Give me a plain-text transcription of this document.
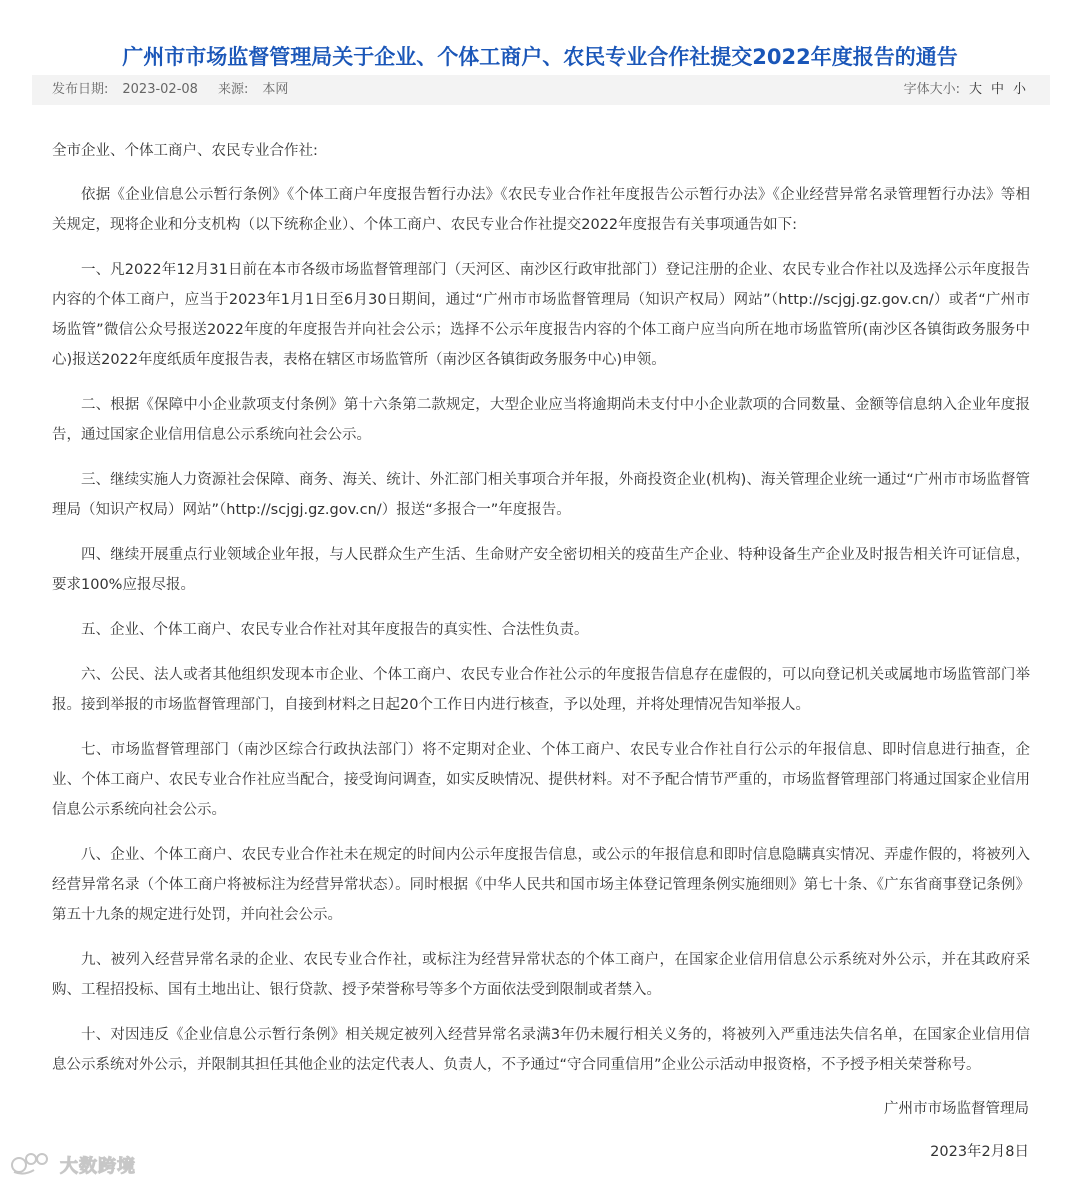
广州市市场监督管理局关于企业、个体工商户、农民专业合作社提交2022年度报告的通告
发布日期: 2023-02-08 来源: 本网	字体大小: 大 中 小

全市企业、个体工商户、农民专业合作社:

依据《企业信息公示暂行条例》《个体工商户年度报告暂行办法》《农民专业合作社年度报告公示暂行办法》《企业经营异常名录管理暂行办法》等相关规定，现将企业和分支机构（以下统称企业）、个体工商户、农民专业合作社提交2022年度报告有关事项通告如下:

一、凡2022年12月31日前在本市各级市场监督管理部门（天河区、南沙区行政审批部门）登记注册的企业、农民专业合作社以及选择公示年度报告内容的个体工商户，应当于2023年1月1日至6月30日期间，通过“广州市市场监督管理局（知识产权局）网站”（http://scjgj.gz.gov.cn/）或者“广州市场监管”微信公众号报送2022年度的年度报告并向社会公示；选择不公示年度报告内容的个体工商户应当向所在地市场监管所(南沙区各镇街政务服务中心)报送2022年度纸质年度报告表，表格在辖区市场监管所（南沙区各镇街政务服务中心)申领。

二、根据《保障中小企业款项支付条例》第十六条第二款规定，大型企业应当将逾期尚未支付中小企业款项的合同数量、金额等信息纳入企业年度报告，通过国家企业信用信息公示系统向社会公示。

三、继续实施人力资源社会保障、商务、海关、统计、外汇部门相关事项合并年报，外商投资企业(机构)、海关管理企业统一通过“广州市市场监督管理局（知识产权局）网站”（http://scjgj.gz.gov.cn/）报送“多报合一”年度报告。

四、继续开展重点行业领域企业年报，与人民群众生产生活、生命财产安全密切相关的疫苗生产企业、特种设备生产企业及时报告相关许可证信息，要求100%应报尽报。

五、企业、个体工商户、农民专业合作社对其年度报告的真实性、合法性负责。

六、公民、法人或者其他组织发现本市企业、个体工商户、农民专业合作社公示的年度报告信息存在虚假的，可以向登记机关或属地市场监管部门举报。接到举报的市场监督管理部门，自接到材料之日起20个工作日内进行核查，予以处理，并将处理情况告知举报人。

七、市场监督管理部门（南沙区综合行政执法部门）将不定期对企业、个体工商户、农民专业合作社自行公示的年报信息、即时信息进行抽查，企业、个体工商户、农民专业合作社应当配合，接受询问调查，如实反映情况、提供材料。对不予配合情节严重的，市场监督管理部门将通过国家企业信用信息公示系统向社会公示。

八、企业、个体工商户、农民专业合作社未在规定的时间内公示年度报告信息，或公示的年报信息和即时信息隐瞒真实情况、弄虚作假的，将被列入经营异常名录（个体工商户将被标注为经营异常状态）。同时根据《中华人民共和国市场主体登记管理条例实施细则》第七十条、《广东省商事登记条例》第五十九条的规定进行处罚，并向社会公示。

九、被列入经营异常名录的企业、农民专业合作社，或标注为经营异常状态的个体工商户，在国家企业信用信息公示系统对外公示，并在其政府采购、工程招投标、国有土地出让、银行贷款、授予荣誉称号等多个方面依法受到限制或者禁入。

十、对因违反《企业信息公示暂行条例》相关规定被列入经营异常名录满3年仍未履行相关义务的，将被列入严重违法失信名单，在国家企业信用信息公示系统对外公示，并限制其担任其他企业的法定代表人、负责人，不予通过“守合同重信用”企业公示活动申报资格，不予授予相关荣誉称号。

广州市市场监督管理局
2023年2月8日
大数跨境
